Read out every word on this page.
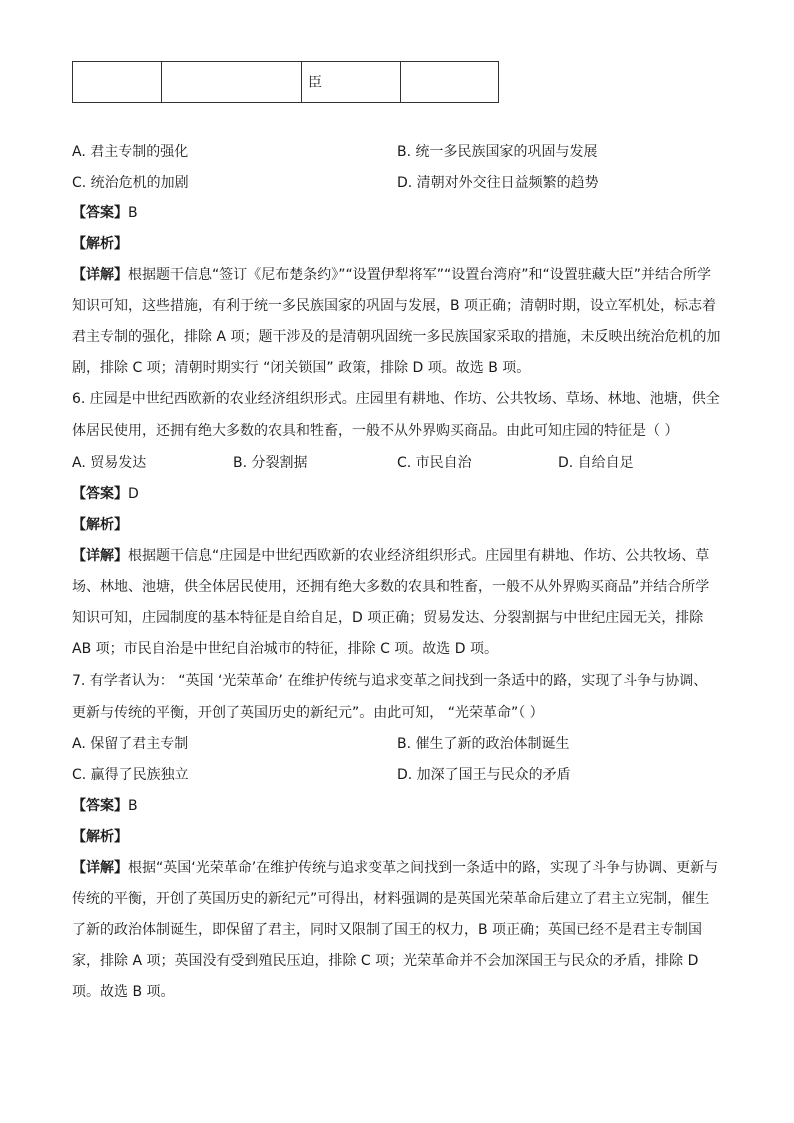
		臣	
A. 君主专制的强化	B. 统一多民族国家的巩固与发展
C. 统治危机的加剧	D. 清朝对外交往日益频繁的趋势
【答案】B
【解析】
【详解】根据题干信息“签订《尼布楚条约》”“设置伊犁将军”“设置台湾府”和“设置驻藏大臣”并结合所学
知识可知，这些措施，有利于统一多民族国家的巩固与发展，B 项正确；清朝时期，设立军机处，标志着
君主专制的强化，排除 A 项；题干涉及的是清朝巩固统一多民族国家采取的措施，未反映出统治危机的加
剧，排除 C 项；清朝时期实行 “闭关锁国” 政策，排除 D 项。故选 B 项。
6. 庄园是中世纪西欧新的农业经济组织形式。庄园里有耕地、作坊、公共牧场、草场、林地、池塘，供全
体居民使用，还拥有绝大多数的农具和牲畜，一般不从外界购买商品。由此可知庄园的特征是（ ）
A. 贸易发达	B. 分裂割据	C. 市民自治	D. 自给自足
【答案】D
【解析】
【详解】根据题干信息“庄园是中世纪西欧新的农业经济组织形式。庄园里有耕地、作坊、公共牧场、草
场、林地、池塘，供全体居民使用，还拥有绝大多数的农具和牲畜，一般不从外界购买商品”并结合所学
知识可知，庄园制度的基本特征是自给自足，D 项正确；贸易发达、分裂割据与中世纪庄园无关，排除
AB 项；市民自治是中世纪自治城市的特征，排除 C 项。故选 D 项。
7. 有学者认为： “英国 ‘光荣革命’ 在维护传统与追求变革之间找到一条适中的路，实现了斗争与协调、
更新与传统的平衡，开创了英国历史的新纪元”。由此可知， “光荣革命”（ ）
A. 保留了君主专制	B. 催生了新的政治体制诞生
C. 赢得了民族独立	D. 加深了国王与民众的矛盾
【答案】B
【解析】
【详解】根据“英国‘光荣革命’在维护传统与追求变革之间找到一条适中的路，实现了斗争与协调、更新与
传统的平衡，开创了英国历史的新纪元”可得出，材料强调的是英国光荣革命后建立了君主立宪制，催生
了新的政治体制诞生，即保留了君主，同时又限制了国王的权力，B 项正确；英国已经不是君主专制国
家，排除 A 项；英国没有受到殖民压迫，排除 C 项；光荣革命并不会加深国王与民众的矛盾，排除 D
项。故选 B 项。
